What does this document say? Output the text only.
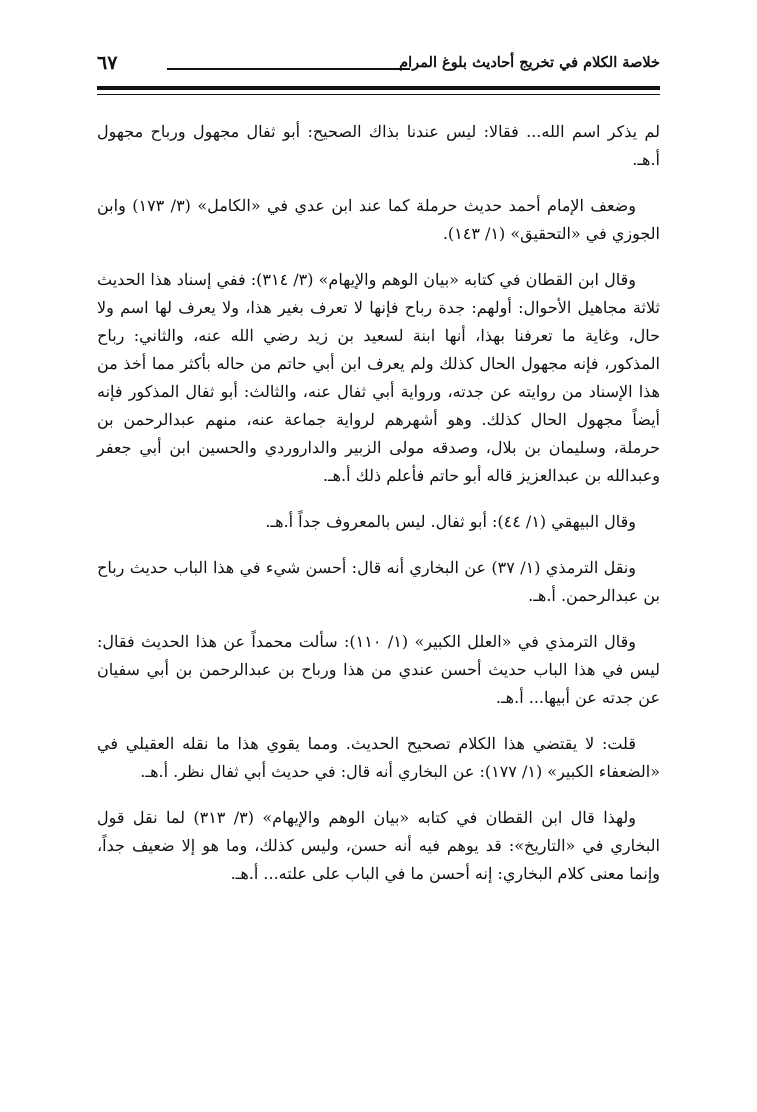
٦٧	خلاصة الكلام في تخريج أحاديث بلوغ المرام

لم يذكر اسم الله... فقالا: ليس عندنا بذاك الصحيح: أبو ثفال مجهول ورباح مجهول أ.هـ.

وضعف الإمام أحمد حديث حرملة كما عند ابن عدي في «الكامل» (٣/ ١٧٣) وابن الجوزي في «التحقيق» (١/ ١٤٣).

وقال ابن القطان في كتابه «بيان الوهم والإيهام» (٣/ ٣١٤): ففي إسناد هذا الحديث ثلاثة مجاهيل الأحوال: أولهم: جدة رباح فإنها لا تعرف بغير هذا، ولا يعرف لها اسم ولا حال، وغاية ما تعرفنا بهذا، أنها ابنة لسعيد بن زيد رضي الله عنه، والثاني: رباح المذكور، فإنه مجهول الحال كذلك ولم يعرف ابن أبي حاتم من حاله بأكثر مما أخذ من هذا الإسناد من روايته عن جدته، ورواية أبي ثفال عنه، والثالث: أبو ثفال المذكور فإنه أيضاً مجهول الحال كذلك. وهو أشهرهم لرواية جماعة عنه، منهم عبدالرحمن بن حرملة، وسليمان بن بلال، وصدقه مولى الزبير والداروردي والحسين ابن أبي جعفر وعبدالله بن عبدالعزيز قاله أبو حاتم فأعلم ذلك أ.هـ.

وقال البيهقي (١/ ٤٤): أبو ثفال. ليس بالمعروف جداً أ.هـ.

ونقل الترمذي (١/ ٣٧) عن البخاري أنه قال: أحسن شيء في هذا الباب حديث رباح بن عبدالرحمن. أ.هـ.

وقال الترمذي في «العلل الكبير» (١/ ١١٠): سألت محمداً عن هذا الحديث فقال: ليس في هذا الباب حديث أحسن عندي من هذا ورباح بن عبدالرحمن بن أبي سفيان عن جدته عن أبيها... أ.هـ.

قلت: لا يقتضي هذا الكلام تصحيح الحديث. ومما يقوي هذا ما نقله العقيلي في «الضعفاء الكبير» (١/ ١٧٧): عن البخاري أنه قال: في حديث أبي ثفال نظر. أ.هـ.

ولهذا قال ابن القطان في كتابه «بيان الوهم والإيهام» (٣/ ٣١٣) لما نقل قول البخاري في «التاريخ»: قد يوهم فيه أنه حسن، وليس كذلك، وما هو إلا ضعيف جداً، وإنما معنى كلام البخاري: إنه أحسن ما في الباب على علته... أ.هـ.
